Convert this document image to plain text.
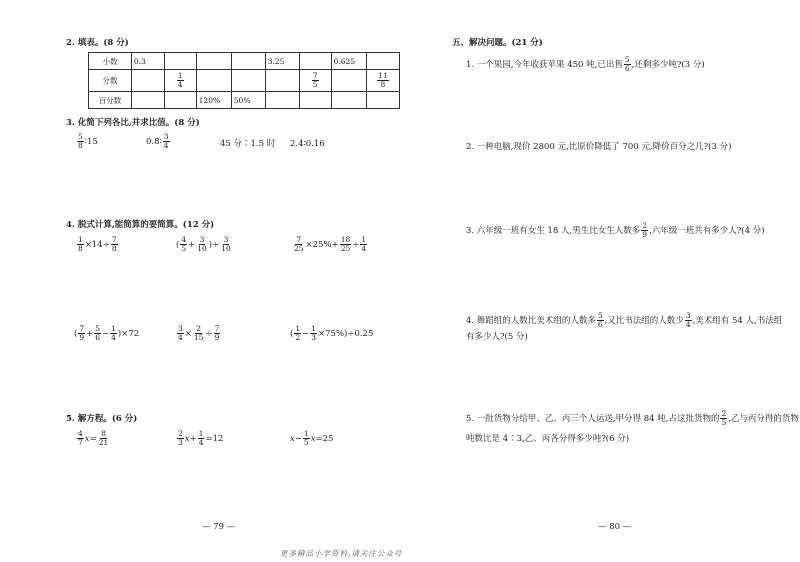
2. 填表。(8 分)
小数	0.3				3.25		0.625	
分数		$\frac{1}{4}$				$\frac{7}{5}$		$\frac{11}{8}$

百分数			120%	50%				
3. 化简下列各比,并求比值。(8 分)
$\frac{5}{8}$ ∶15	0.8∶ $\frac{3}{4}$	45 分∶1.5 时 2.4∶0.16
4. 脱式计算,能简算的要简算。(12 分)
$\frac{1}{8} \times 14\div \frac{7}{8}$	( $\frac{4}{5} + \frac{3}{10}$ )÷ $\frac{3}{10}$	$\frac{7}{25} \times 25\%+ \frac{18}{25} \div \frac{1}{4}$
( $\frac{7}{9} + \frac{5}{6} - \frac{1}{4} )\times 72$	$\frac{3}{4} \times \frac{2}{15} \div \frac{7}{9}$	( $\frac{1}{2} - \frac{1}{3} \times 75\%)\div 0.25$
5. 解方程。(6 分)
$\frac{4}{7} x= \frac{8}{21}$	$\frac{2}{3} x+ \frac{1}{4} =12$	$x- \frac{1}{5} x=25$
— 79 —
五、解决问题。(21 分)
1. 一个果园,今年收获苹果 450 吨,已出售 $\frac{5}{6}$ ,还剩多少吨?(3 分)
2. 一种电脑,现价 2800 元,比原价降低了 700 元,降价百分之几?(3 分)
3. 六年级一班有女生 18 人,男生比女生人数多 $\frac{2}{9}$ ,六年级一班共有多少人?(4 分)
4. 舞蹈组的人数比美术组的人数多 $\frac{5}{6}$ ,又比书法组的人数少 $\frac{3}{4}$ ,美术组有 54 人,书法组
有多少人?(5 分)
5. 一批货物分给甲、乙、丙三个人运送,甲分得 84 吨,占这批货物的 $\frac{2}{5}$ ,乙与丙分得的货物
吨数比是 4∶3,乙、丙各分得多少吨?(6 分)
— 80 —
更多精品小学资料,请关注公众号
